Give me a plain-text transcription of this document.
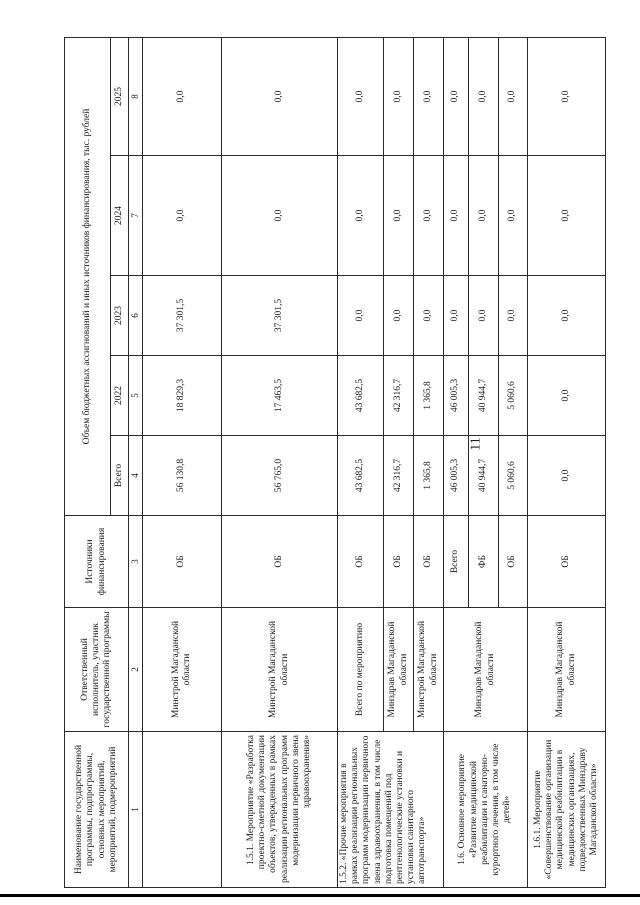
11
Наименование государственной программы, подпрограммы, основных мероприятий, мероприятий, подмероприятий	Ответственный исполнитель, участник государственной программы	Источники финансирования	Объем бюджетных ассигнований и иных источников финансирования, тыс. рублей				
			Всего	2022	2023	2024	2025
1	2	3	4	5	6	7	8
	Минстрой Магаданской области	ОБ	56 130,8	18 829,3	37 301,5	0,0	0,0
1.5.1. Мероприятие «Разработка проектно-сметной документации объектов, утвержденных в рамках реализации региональных программ модернизации первичного звена здравоохранения»	Минстрой Магаданской области	ОБ	56 765,0	17 463,5	37 301,5	0,0	0,0
1.5.2. «Прочие мероприятия в рамках реализации региональных программ модернизации первичного звена здравоохранения, в том числе подготовка помещений под рентгенологические установки и установки санитарного автотранспорта»	Всего по мероприятию	ОБ	43 682,5	43 682,5	0,0	0,0	0,0
	Минздрав Магаданской области	ОБ	42 316,7	42 316,7	0,0	0,0	0,0
	Минстрой Магаданской области	ОБ	1 365,8	1 365,8	0,0	0,0	0,0
1.6. Основное мероприятие «Развитие медицинской реабилитации и санаторно-курортного лечения, в том числе детей»	Минздрав Магаданской области	Всего	46 005,3	46 005,3	0,0	0,0	0,0
		ФБ	40 944,7	40 944,7	0,0	0,0	0,0
		ОБ	5 060,6	5 060,6	0,0	0,0	0,0
1.6.1. Мероприятие «Совершенствование организации медицинской реабилитации в медицинских организациях, подведомственных Минздраву Магаданской области»	Минздрав Магаданской области	ОБ	0,0	0,0	0,0	0,0	0,0
